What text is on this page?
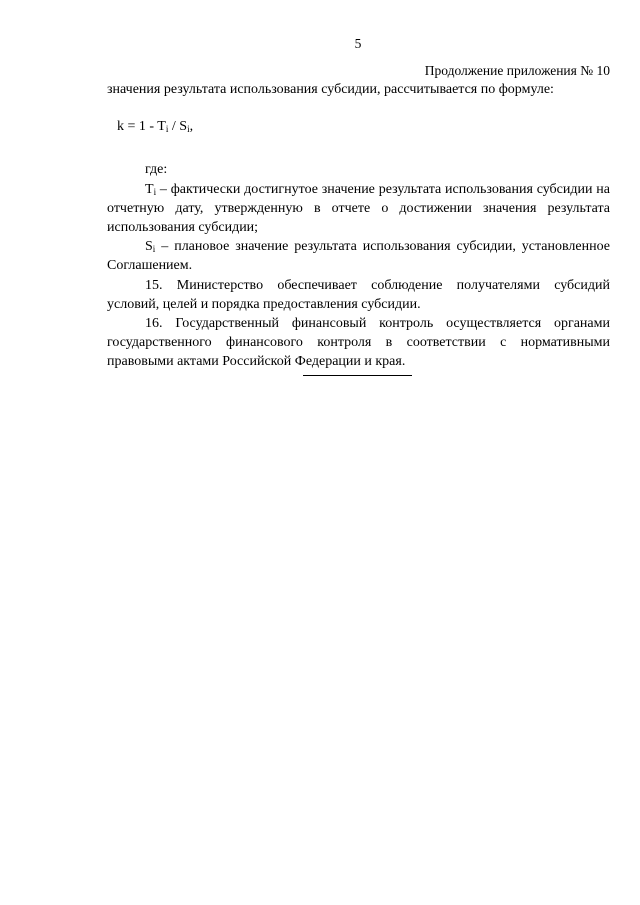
5
Продолжение приложения № 10

значения результата использования субсидии, рассчитывается по формуле:

$k = 1 - T_i / S_i$,

где:

$T_i$ – фактически достигнутое значение результата использования субсидии на отчетную дату, утвержденную в отчете о достижении значения результата использования субсидии;

$S_i$ – плановое значение результата использования субсидии, установленное Соглашением.

15. Министерство обеспечивает соблюдение получателями субсидий условий, целей и порядка предоставления субсидии.

16. Государственный финансовый контроль осуществляется органами государственного финансового контроля в соответствии с нормативными правовыми актами Российской Федерации и края.
